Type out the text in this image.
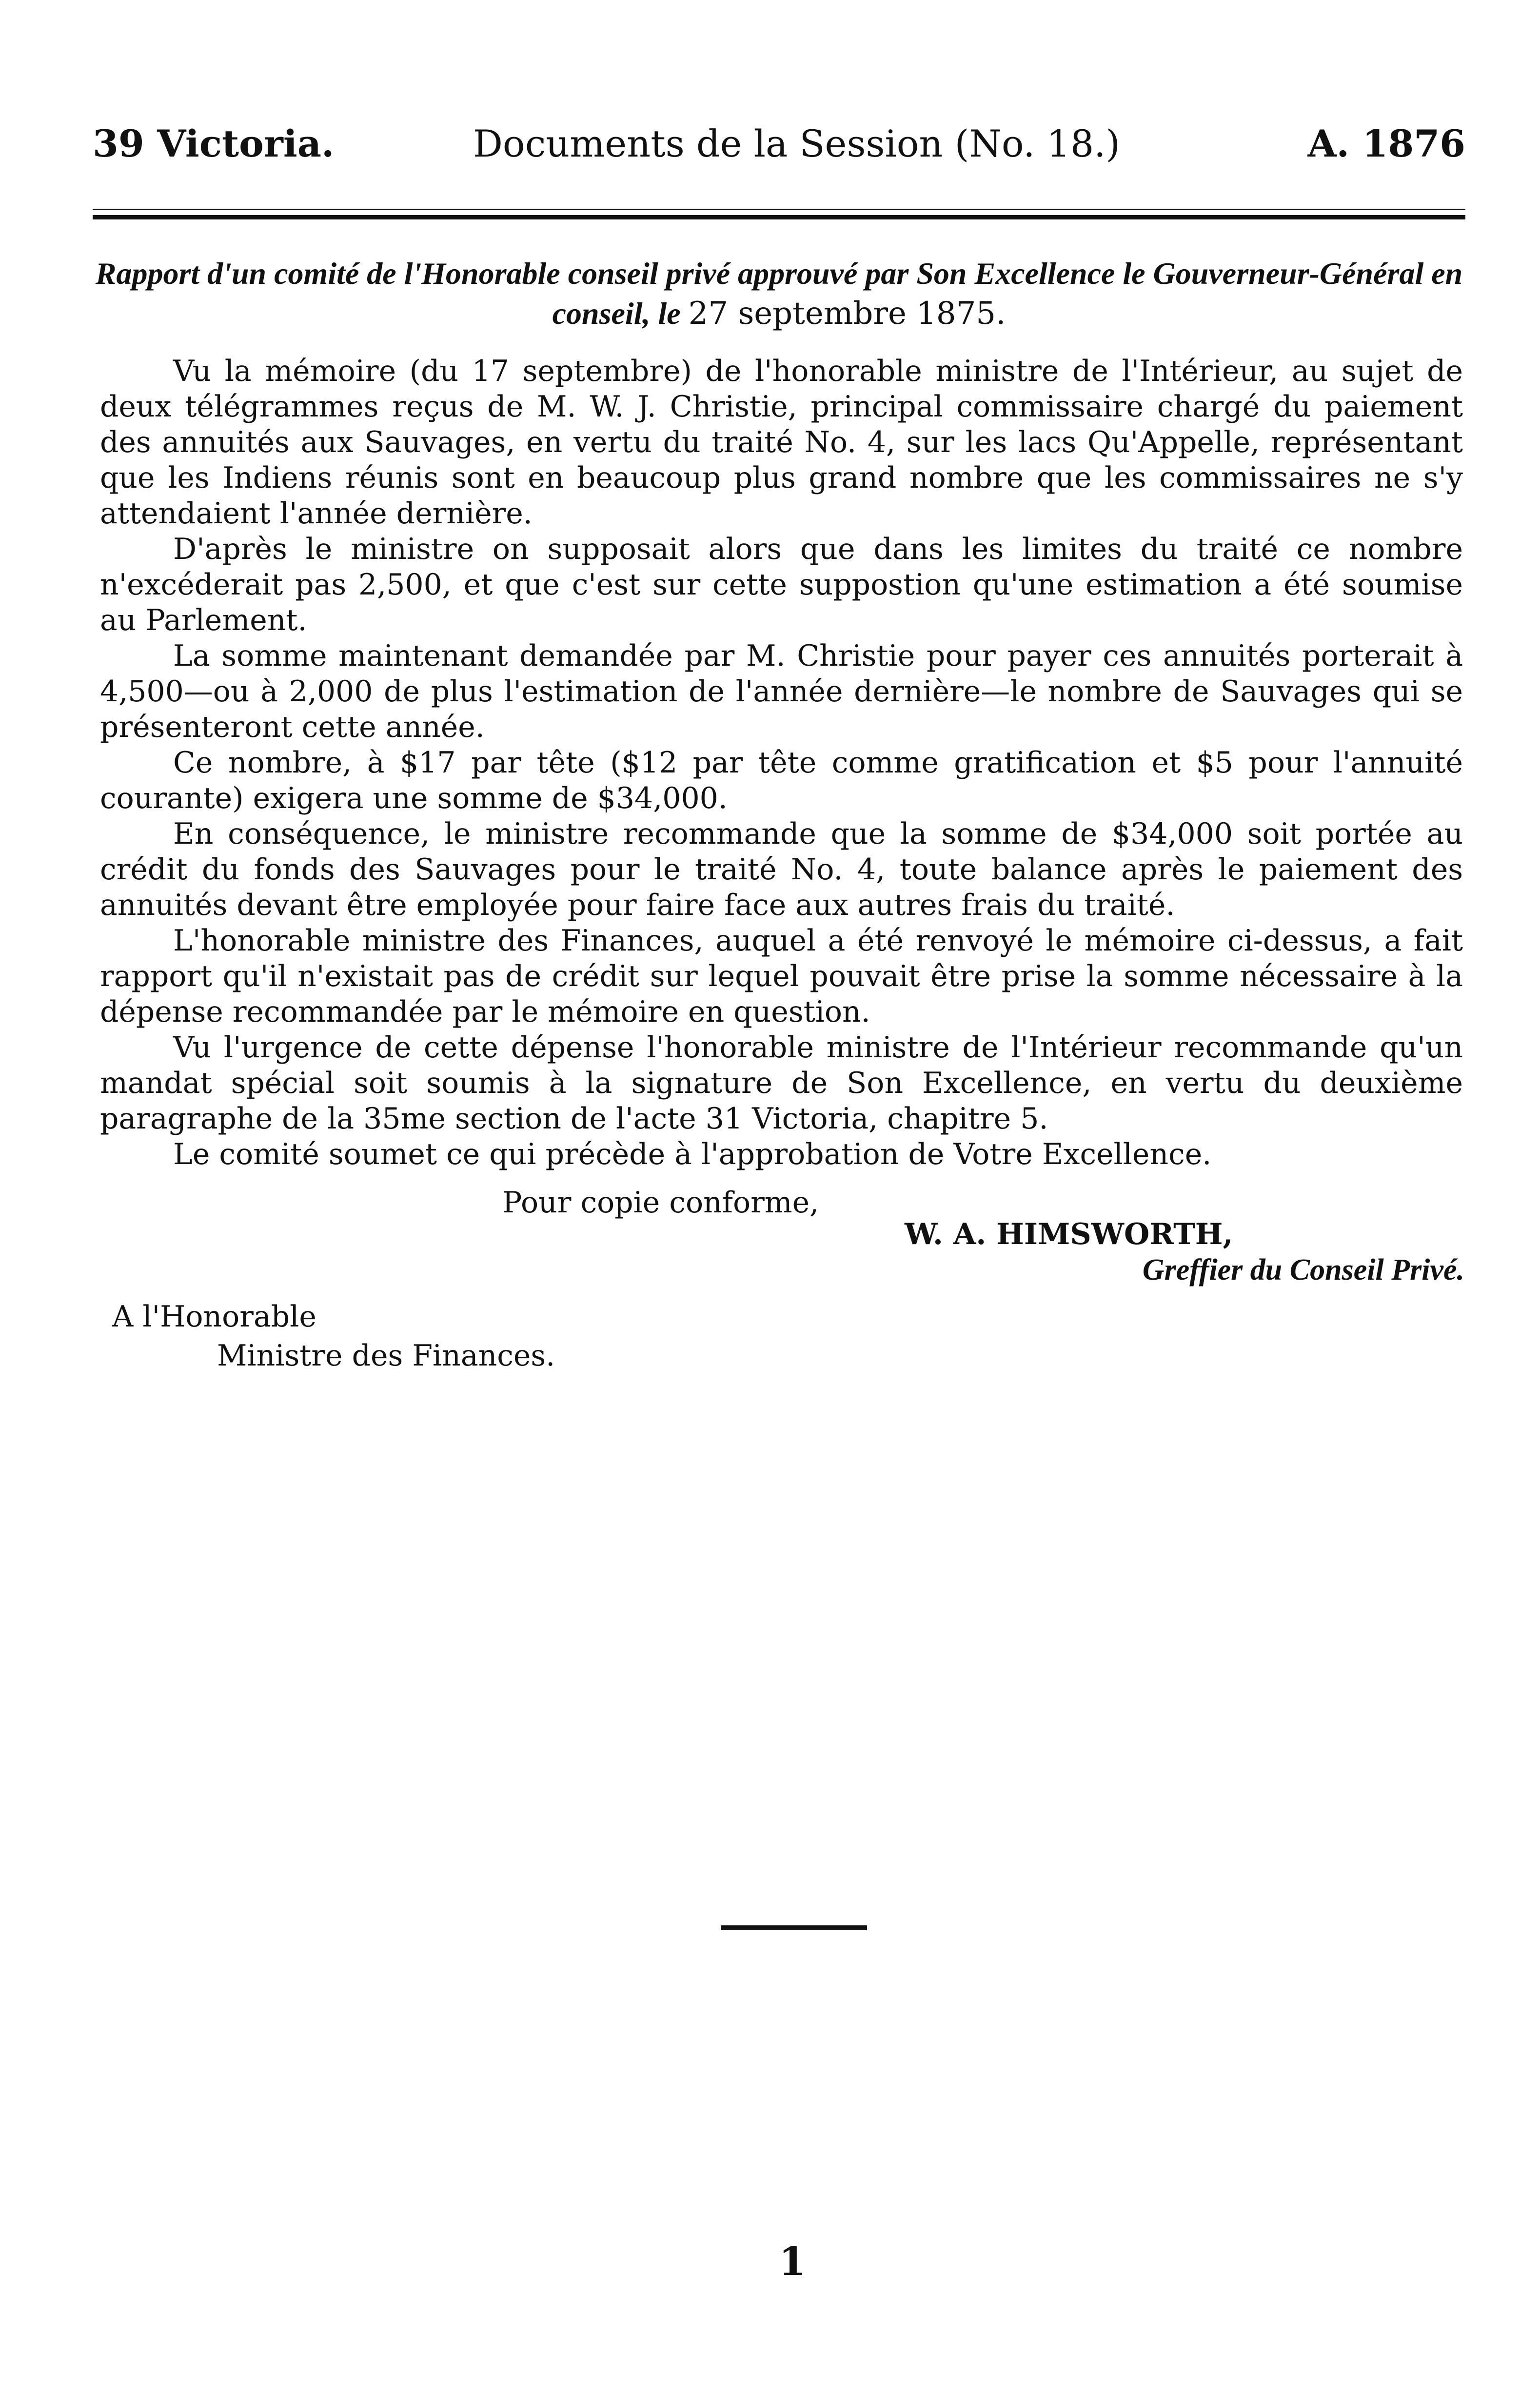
39 Victoria.	Documents de la Session (No. 18.)	A. 1876
Rapport d'un comité de l'Honorable conseil privé approuvé par Son Excellence le Gouverneur-Général en conseil, le 27 septembre 1875.

Vu la mémoire (du 17 septembre) de l'honorable ministre de l'Intérieur, au sujet de deux télégrammes reçus de M. W. J. Christie, principal commissaire chargé du paiement des annuités aux Sauvages, en vertu du traité No. 4, sur les lacs Qu'Appelle, représentant que les Indiens réunis sont en beaucoup plus grand nombre que les commissaires ne s'y attendaient l'année dernière.

D'après le ministre on supposait alors que dans les limites du traité ce nombre n'excéderait pas 2,500, et que c'est sur cette suppostion qu'une estimation a été soumise au Parlement.

La somme maintenant demandée par M. Christie pour payer ces annuités porterait à 4,500—ou à 2,000 de plus l'estimation de l'année dernière—le nombre de Sauvages qui se présenteront cette année.

Ce nombre, à $17 par tête ($12 par tête comme gratification et $5 pour l'annuité courante) exigera une somme de $34,000.

En conséquence, le ministre recommande que la somme de $34,000 soit portée au crédit du fonds des Sauvages pour le traité No. 4, toute balance après le paiement des annuités devant être employée pour faire face aux autres frais du traité.

L'honorable ministre des Finances, auquel a été renvoyé le mémoire ci-dessus, a fait rapport qu'il n'existait pas de crédit sur lequel pouvait être prise la somme nécessaire à la dépense recommandée par le mémoire en question.

Vu l'urgence de cette dépense l'honorable ministre de l'Intérieur recommande qu'un mandat spécial soit soumis à la signature de Son Excellence, en vertu du deuxième paragraphe de la 35me section de l'acte 31 Victoria, chapitre 5.

Le comité soumet ce qui précède à l'approbation de Votre Excellence.

Pour copie conforme,
W. A. HIMSWORTH,
Greffier du Conseil Privé.
A l'Honorable
Ministre des Finances.
1
